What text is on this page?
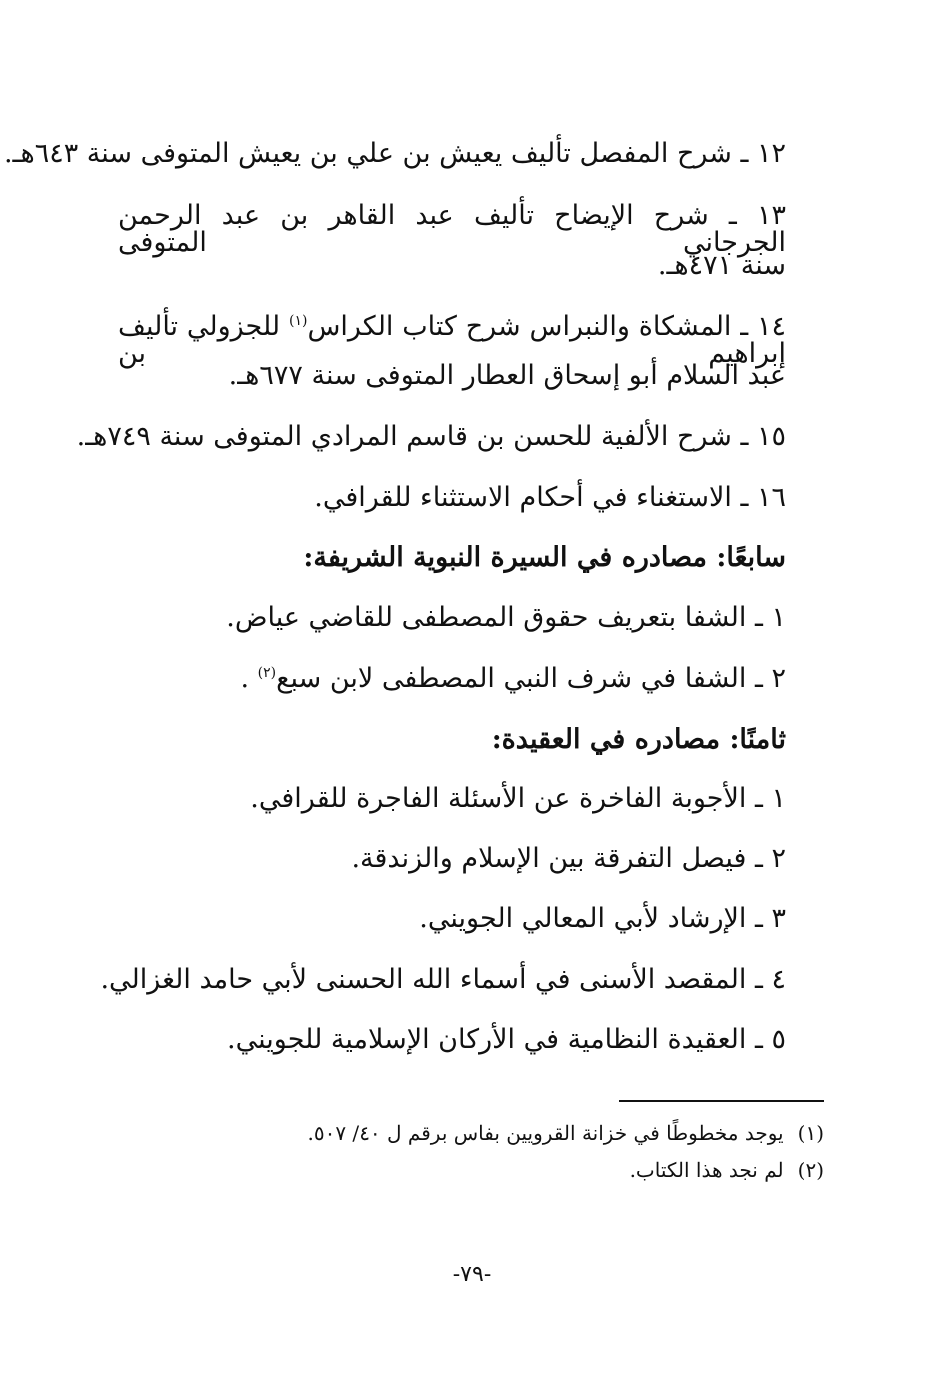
١٢ ـ شرح المفصل تأليف يعيش بن علي بن يعيش المتوفى سنة ٦٤٣هـ.
١٣ ـ شرح الإيضاح تأليف عبد القاهر بن عبد الرحمن الجرجاني المتوفى
سنة ٤٧١هـ.
١٤ ـ المشكاة والنبراس شرح كتاب الكراس$^{(١)}$ للجزولي تأليف إبراهيم بن
عبد السلام أبو إسحاق العطار المتوفى سنة ٦٧٧هـ.
١٥ ـ شرح الألفية للحسن بن قاسم المرادي المتوفى سنة ٧٤٩هـ.
١٦ ـ الاستغناء في أحكام الاستثناء للقرافي.
سابعًا: مصادره في السيرة النبوية الشريفة:
١ ـ الشفا بتعريف حقوق المصطفى للقاضي عياض.
٢ ـ الشفا في شرف النبي المصطفى لابن سبع$^{(٢)}$ .
ثامنًا: مصادره في العقيدة:
١ ـ الأجوبة الفاخرة عن الأسئلة الفاجرة للقرافي.
٢ ـ فيصل التفرقة بين الإسلام والزندقة.
٣ ـ الإرشاد لأبي المعالي الجويني.
٤ ـ المقصد الأسنى في أسماء الله الحسنى لأبي حامد الغزالي.
٥ ـ العقيدة النظامية في الأركان الإسلامية للجويني.
(١)يوجد مخطوطًا في خزانة القرويين بفاس برقم ل ٤٠/ ٥٠٧.
(٢)لم نجد هذا الكتاب.
-٧٩-
